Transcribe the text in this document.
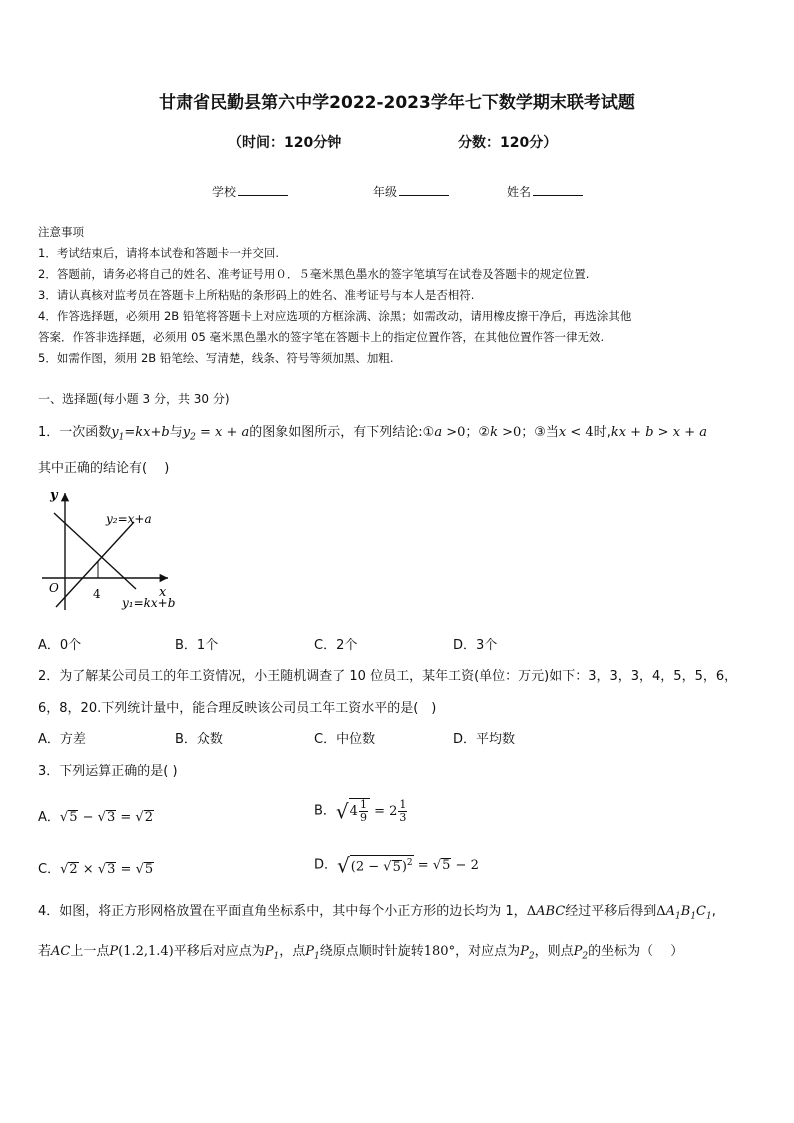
甘肃省民勤县第六中学2022-2023学年七下数学期末联考试题
（时间：120分钟	分数：120分）
学校	年级	姓名
注意事项
1．考试结束后，请将本试卷和答题卡一并交回.
2．答题前，请务必将自己的姓名、准考证号用０．５毫米黑色墨水的签字笔填写在试卷及答题卡的规定位置.
3．请认真核对监考员在答题卡上所粘贴的条形码上的姓名、准考证号与本人是否相符.
4．作答选择题，必须用 2B 铅笔将答题卡上对应选项的方框涂满、涂黑；如需改动，请用橡皮擦干净后，再选涂其他
答案．作答非选择题，必须用 05 毫米黑色墨水的签字笔在答题卡上的指定位置作答，在其他位置作答一律无效.
5．如需作图，须用 2B 铅笔绘、写清楚，线条、符号等须加黑、加粗.
一、选择题(每小题 3 分，共 30 分)
1．一次函数$y_1=kx+b$与$y_2 = x + a$的图象如图所示，有下列结论:①a >0；②k >0；③当x < 4时,kx + b > x + a
其中正确的结论有(　 )
y
x
O	4
y₂=x+a
y₁=kx+b
A．0个	B．1个	C．2个	D．3个
2．为了解某公司员工的年工资情况，小王随机调查了 10 位员工，某年工资(单位：万元)如下：3，3，3，4，5，5，6，
6，8，20.下列统计量中，能合理反映该公司员工年工资水平的是(　)
A．方差	B．众数	C．中位数	D．平均数
3．下列运算正确的是( )
A．√5 − √3 = √2	B．$√4 \frac{1}{9} = 2 \frac{1}{3}$
C．√2 × √3 = √5	D．$√(2 - √5)^2 = √5 - 2$
4．如图，将正方形网格放置在平面直角坐标系中，其中每个小正方形的边长均为 1，ΔABC经过平移后得到$\Delta A_1B_1C_1$,
若AC上一点P(1.2,1.4)平移后对应点为$P_1$，点$P_1$绕原点顺时针旋转180°，对应点为$P_2$，则点$P_2$的坐标为（　 ）
